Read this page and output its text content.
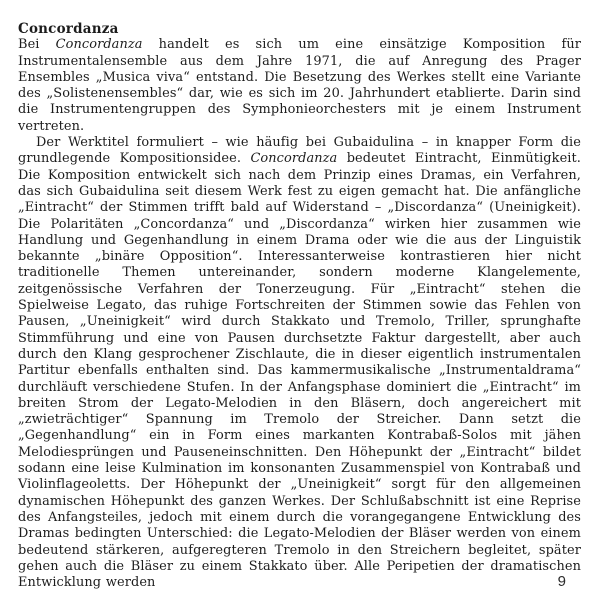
Concordanza

Bei Concordanza handelt es sich um eine einsätzige Komposition für Instrumentalensemble aus dem Jahre 1971, die auf Anregung des Prager Ensembles „Musica viva“ entstand. Die Besetzung des Werkes stellt eine Variante des „Solistenensembles“ dar, wie es sich im 20. Jahrhundert etablierte. Darin sind die Instrumentengruppen des Symphonieorchesters mit je einem Instrument vertreten.

Der Werktitel formuliert – wie häufig bei Gubaidulina – in knapper Form die grundlegende Kompositionsidee. Concordanza bedeutet Eintracht, Einmütigkeit. Die Komposition entwickelt sich nach dem Prinzip eines Dramas, ein Verfahren, das sich Gubaidulina seit diesem Werk fest zu eigen gemacht hat. Die anfängliche „Eintracht“ der Stimmen trifft bald auf Widerstand – „Discordanza“ (Uneinigkeit). Die Polaritäten „Concordanza“ und „Discordanza“ wirken hier zusammen wie Handlung und Gegenhandlung in einem Drama oder wie die aus der Linguistik bekannte „binäre Opposition“. Interessanterweise kontrastieren hier nicht traditionelle Themen untereinander, sondern moderne Klangelemente, zeitgenössische Verfahren der Tonerzeugung. Für „Eintracht“ stehen die Spielweise Legato, das ruhige Fortschreiten der Stimmen sowie das Fehlen von Pausen, „Uneinigkeit“ wird durch Stakkato und Tremolo, Triller, sprunghafte Stimmführung und eine von Pausen durchsetzte Faktur dargestellt, aber auch durch den Klang gesprochener Zischlaute, die in dieser eigentlich instrumentalen Partitur ebenfalls enthalten sind. Das kammermusikalische „Instrumentaldrama“ durchläuft verschiedene Stufen. In der Anfangsphase dominiert die „Eintracht“ im breiten Strom der Legato-Melodien in den Bläsern, doch angereichert mit „zwieträchtiger“ Spannung im Tremolo der Streicher. Dann setzt die „Gegenhandlung“ ein in Form eines markanten Kontrabaß-Solos mit jähen Melodiesprüngen und Pauseneinschnitten. Den Höhepunkt der „Eintracht“ bildet sodann eine leise Kulmination im konsonanten Zusammenspiel von Kontrabaß und Violinflageoletts. Der Höhepunkt der „Uneinigkeit“ sorgt für den allgemeinen dynamischen Höhepunkt des ganzen Werkes. Der Schlußabschnitt ist eine Reprise des Anfangsteiles, jedoch mit einem durch die vorangegangene Entwicklung des Dramas bedingten Unterschied: die Legato-Melodien der Bläser werden von einem bedeutend stärkeren, aufgeregteren Tremolo in den Streichern begleitet, später gehen auch die Bläser zu einem Stakkato über. Alle Peripetien der dramatischen Entwicklung werden	9
